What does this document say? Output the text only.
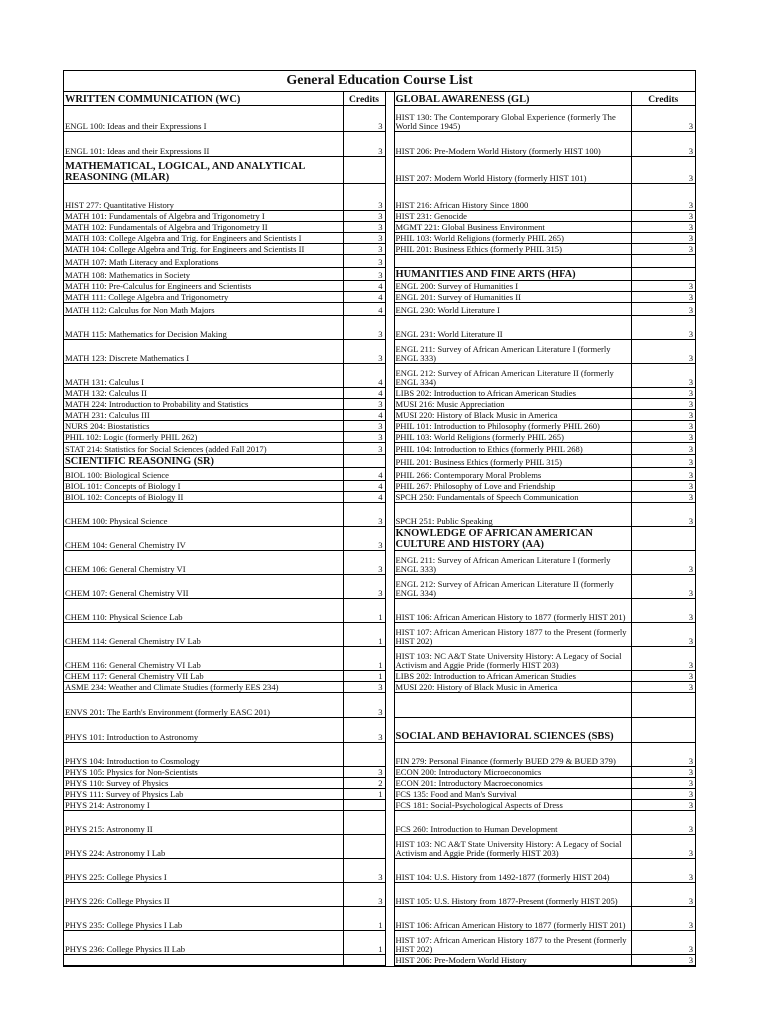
General Education Course List
WRITTEN COMMUNICATION (WC)	Credits		GLOBAL AWARENESS (GL)	Credits
ENGL 100: Ideas and their Expressions I	3		HIST 130: The Contemporary Global Experience (formerly The World Since 1945)	3
ENGL 101: Ideas and their Expressions II	3		HIST 206: Pre-Modern World History (formerly HIST 100)	3
MATHEMATICAL, LOGICAL, AND ANALYTICAL REASONING (MLAR)			HIST 207: Modern World History (formerly HIST 101)	3
HIST 277: Quantitative History	3		HIST 216: African History Since 1800	3
MATH 101: Fundamentals of Algebra and Trigonometry I	3		HIST 231: Genocide	3
MATH 102: Fundamentals of Algebra and Trigonometry II	3		MGMT 221: Global Business Environment	3
MATH 103: College Algebra and Trig. for Engineers and Scientists I	3		PHIL 103: World Religions (formerly PHIL 265)	3
MATH 104: College Algebra and Trig. for Engineers and Scientists II	3		PHIL 201: Business Ethics (formerly PHIL 315)	3
MATH 107: Math Literacy and Explorations	3			
MATH 108: Mathematics in Society	3		HUMANITIES AND FINE ARTS (HFA)	
MATH 110: Pre-Calculus for Engineers and Scientists	4		ENGL 200: Survey of Humanities I	3
MATH 111: College Algebra and Trigonometry	4		ENGL 201: Survey of Humanities II	3
MATH 112: Calculus for Non Math Majors	4		ENGL 230: World Literature I	3
MATH 115: Mathematics for Decision Making	3		ENGL 231: World Literature II	3
MATH 123: Discrete Mathematics I	3		ENGL 211: Survey of African American Literature I (formerly ENGL 333)	3
MATH 131: Calculus I	4		ENGL 212: Survey of African American Literature II (formerly ENGL 334)	3
MATH 132: Calculus II	4		LIBS 202: Introduction to African American Studies	3
MATH 224: Introduction to Probability and Statistics	3		MUSI 216: Music Appreciation	3
MATH 231: Calculus III	4		MUSI 220: History of Black Music in America	3
NURS 204: Biostatistics	3		PHIL 101: Introduction to Philosophy (formerly PHIL 260)	3
PHIL 102: Logic (formerly PHIL 262)	3		PHIL 103: World Religions (formerly PHIL 265)	3
STAT 214: Statistics for Social Sciences (added Fall 2017)	3		PHIL 104: Introduction to Ethics (formerly PHIL 268)	3
SCIENTIFIC REASONING (SR)			PHIL 201: Business Ethics (formerly PHIL 315)	3
BIOL 100: Biological Science	4		PHIL 266: Contemporary Moral Problems	3
BIOL 101: Concepts of Biology I	4		PHIL 267: Philosophy of Love and Friendship	3
BIOL 102: Concepts of Biology II	4		SPCH 250: Fundamentals of Speech Communication	3
CHEM 100: Physical Science	3		SPCH 251: Public Speaking	3
CHEM 104: General Chemistry IV	3		KNOWLEDGE OF AFRICAN AMERICAN CULTURE AND HISTORY (AA)	
CHEM 106: General Chemistry VI	3		ENGL 211: Survey of African American Literature I (formerly ENGL 333)	3
CHEM 107: General Chemistry VII	3		ENGL 212: Survey of African American Literature II (formerly ENGL 334)	3
CHEM 110: Physical Science Lab	1		HIST 106: African American History to 1877 (formerly HIST 201)	3
CHEM 114: General Chemistry IV Lab	1		HIST 107: African American History 1877 to the Present (formerly HIST 202)	3
CHEM 116: General Chemistry VI Lab	1		HIST 103: NC A&T State University History: A Legacy of Social Activism and Aggie Pride (formerly HIST 203)	3
CHEM 117: General Chemistry VII Lab	1		LIBS 202: Introduction to African American Studies	3
ASME 234: Weather and Climate Studies (formerly EES 234)	3		MUSI 220: History of Black Music in America	3
ENVS 201: The Earth's Environment (formerly EASC 201)	3			
PHYS 101: Introduction to Astronomy	3		SOCIAL AND BEHAVIORAL SCIENCES (SBS)	
PHYS 104: Introduction to Cosmology			FIN 279: Personal Finance (formerly BUED 279 & BUED 379)	3
PHYS 105: Physics for Non-Scientists	3		ECON 200: Introductory Microeconomics	3
PHYS 110: Survey of Physics	2		ECON 201: Introductory Macroeconomics	3
PHYS 111: Survey of Physics Lab	1		FCS 135: Food and Man's Survival	3
PHYS 214: Astronomy I			FCS 181: Social-Psychological Aspects of Dress	3
PHYS 215: Astronomy II			FCS 260: Introduction to Human Development	3
PHYS 224: Astronomy I Lab			HIST 103: NC A&T State University History: A Legacy of Social Activism and Aggie Pride (formerly HIST 203)	3
PHYS 225: College Physics I	3		HIST 104: U.S. History from 1492-1877 (formerly HIST 204)	3
PHYS 226: College Physics II	3		HIST 105: U.S. History from 1877-Present (formerly HIST 205)	3
PHYS 235: College Physics I Lab	1		HIST 106: African American History to 1877 (formerly HIST 201)	3
PHYS 236: College Physics II Lab	1		HIST 107: African American History 1877 to the Present (formerly HIST 202)	3
			HIST 206: Pre-Modern World History	3
